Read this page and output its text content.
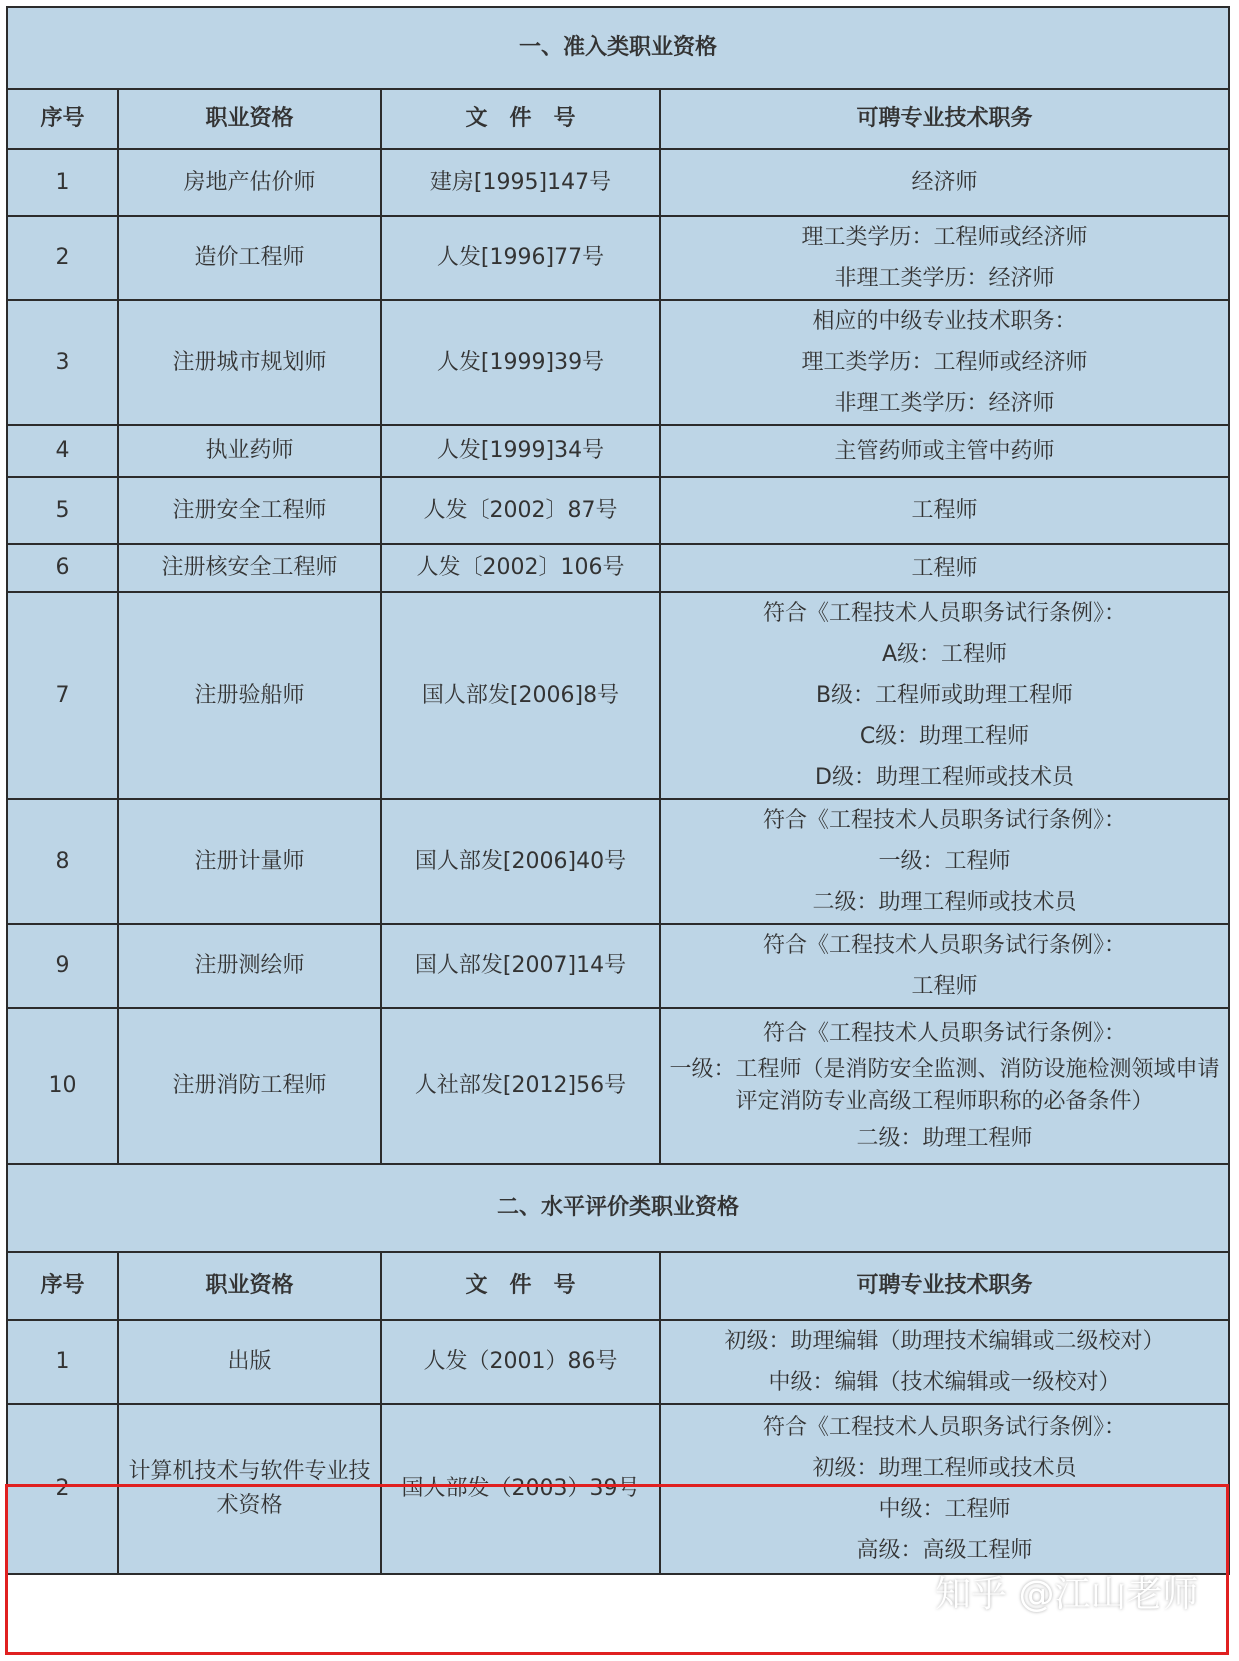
一、准入类职业资格			
序号	职业资格	文　件　号	可聘专业技术职务
1	房地产估价师	建房[1995]147号	经济师

2	造价工程师	人发[1996]77号	理工类学历：工程师或经济师
非理工类学历：经济师

3	注册城市规划师	人发[1999]39号	相应的中级专业技术职务：
理工类学历：工程师或经济师
非理工类学历：经济师

4	执业药师	人发[1999]34号	主管药师或主管中药师

5	注册安全工程师	人发〔2002〕87号	工程师

6	注册核安全工程师	人发〔2002〕106号	工程师

7	注册验船师	国人部发[2006]8号	符合《工程技术人员职务试行条例》：
A级：工程师
B级：工程师或助理工程师
C级：助理工程师
D级：助理工程师或技术员

8	注册计量师	国人部发[2006]40号	符合《工程技术人员职务试行条例》：
一级：工程师
二级：助理工程师或技术员

9	注册测绘师	国人部发[2007]14号	符合《工程技术人员职务试行条例》：
工程师

10	注册消防工程师	人社部发[2012]56号	符合《工程技术人员职务试行条例》：
一级：工程师（是消防安全监测、消防设施检测领域申请评定消防专业高级工程师职称的必备条件）
二级：助理工程师

二、水平评价类职业资格			
序号	职业资格	文　件　号	可聘专业技术职务
1	出版	人发（2001）86号	初级：助理编辑（助理技术编辑或二级校对）
中级：编辑（技术编辑或一级校对）

2	计算机技术与软件专业技术资格	国人部发（2003）39号	符合《工程技术人员职务试行条例》：
初级：助理工程师或技术员
中级：工程师
高级：高级工程师
知乎 @江山老师
